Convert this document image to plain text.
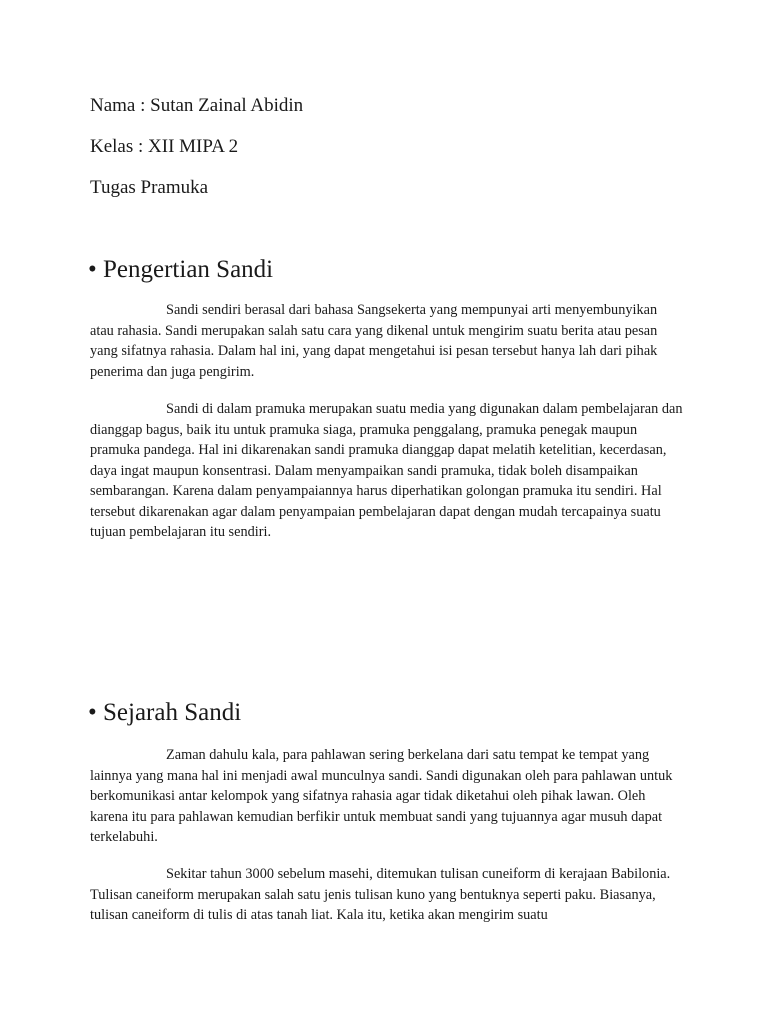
Nama : Sutan Zainal Abidin
Kelas : XII MIPA 2
Tugas Pramuka
• Pengertian Sandi

Sandi sendiri berasal dari bahasa Sangsekerta yang mempunyai arti menyembunyikan atau rahasia. Sandi merupakan salah satu cara yang dikenal untuk mengirim suatu berita atau pesan yang sifatnya rahasia. Dalam hal ini, yang dapat mengetahui isi pesan tersebut hanya lah dari pihak penerima dan juga pengirim.

Sandi di dalam pramuka merupakan suatu media yang digunakan dalam pembelajaran dan dianggap bagus, baik itu untuk pramuka siaga, pramuka penggalang, pramuka penegak maupun pramuka pandega. Hal ini dikarenakan sandi pramuka dianggap dapat melatih ketelitian, kecerdasan, daya ingat maupun konsentrasi. Dalam menyampaikan sandi pramuka, tidak boleh disampaikan sembarangan. Karena dalam penyampaiannya harus diperhatikan golongan pramuka itu sendiri. Hal tersebut dikarenakan agar dalam penyampaian pembelajaran dapat dengan mudah tercapainya suatu tujuan pembelajaran itu sendiri.

• Sejarah Sandi

Zaman dahulu kala, para pahlawan sering berkelana dari satu tempat ke tempat yang lainnya yang mana hal ini menjadi awal munculnya sandi. Sandi digunakan oleh para pahlawan untuk berkomunikasi antar kelompok yang sifatnya rahasia agar tidak diketahui oleh pihak lawan. Oleh karena itu para pahlawan kemudian berfikir untuk membuat sandi yang tujuannya agar musuh dapat terkelabuhi.

Sekitar tahun 3000 sebelum masehi, ditemukan tulisan cuneiform di kerajaan Babilonia. Tulisan caneiform merupakan salah satu jenis tulisan kuno yang bentuknya seperti paku. Biasanya, tulisan caneiform di tulis di atas tanah liat. Kala itu, ketika akan mengirim suatu
